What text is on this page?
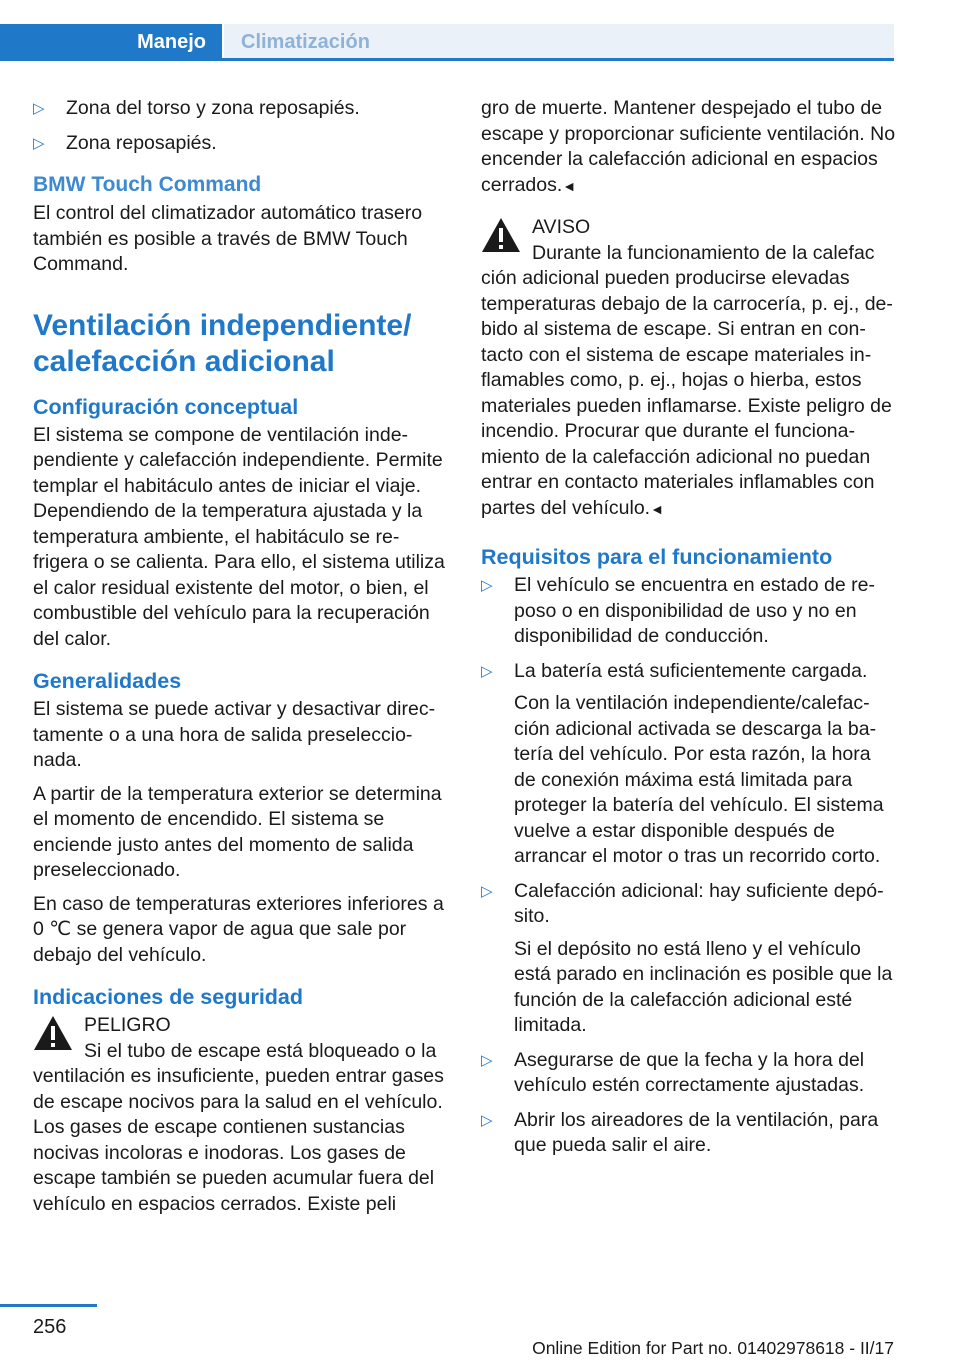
Manejo	Climatización
▷ Zona del torso y zona reposapiés.
▷ Zona reposapiés.
BMW Touch Command

El control del climatizador automático trasero también es posible a través de BMW Touch Command.

Ventilación independiente/
calefacción adicional
Configuración conceptual

El sistema se compone de ventilación independiente y calefacción independiente. Permite templar el habitáculo antes de iniciar el viaje. Dependiendo de la temperatura ajustada y la temperatura ambiente, el habitáculo se refrigera o se calienta. Para ello, el sistema utiliza el calor residual existente del motor, o bien, el combustible del vehículo para la recuperación del calor.

Generalidades

El sistema se puede activar y desactivar directamente o a una hora de salida preseleccionada.

A partir de la temperatura exterior se determina el momento de encendido. El sistema se enciende justo antes del momento de salida preseleccionado.

En caso de temperaturas exteriores inferiores a 0 ℃ se genera vapor de agua que sale por debajo del vehículo.

Indicaciones de seguridad
PELIGRO
Si el tubo de escape está bloqueado o la
ventilación es insuficiente, pueden entrar gases de escape nocivos para la salud en el vehículo. Los gases de escape contienen sustancias nocivas incoloras e inodoras. Los gases de escape también se pueden acumular fuera del vehículo en espacios cerrados. Existe peli

gro de muerte. Mantener despejado el tubo de escape y proporcionar suficiente ventilación. No encender la calefacción adicional en espacios cerrados.◄

AVISO
Durante la funcionamiento de la calefac
ción adicional pueden producirse elevadas temperaturas debajo de la carrocería, p. ej., debido al sistema de escape. Si entran en contacto con el sistema de escape materiales inflamables como, p. ej., hojas o hierba, estos materiales pueden inflamarse. Existe peligro de incendio. Procurar que durante el funcionamiento de la calefacción adicional no puedan entrar en contacto materiales inflamables con partes del vehículo.◄
Requisitos para el funcionamiento
▷ El vehículo se encuentra en estado de reposo o en disponibilidad de uso y no en disponibilidad de conducción.
▷ La batería está suficientemente cargada.

Con la ventilación independiente/calefacción adicional activada se descarga la batería del vehículo. Por esta razón, la hora de conexión máxima está limitada para proteger la batería del vehículo. El sistema vuelve a estar disponible después de arrancar el motor o tras un recorrido corto.

▷ Calefacción adicional: hay suficiente depósito.

Si el depósito no está lleno y el vehículo está parado en inclinación es posible que la función de la calefacción adicional esté limitada.

▷ Asegurarse de que la fecha y la hora del vehículo estén correctamente ajustadas.
▷ Abrir los aireadores de la ventilación, para que pueda salir el aire.
256
Online Edition for Part no. 01402978618 - II/17
